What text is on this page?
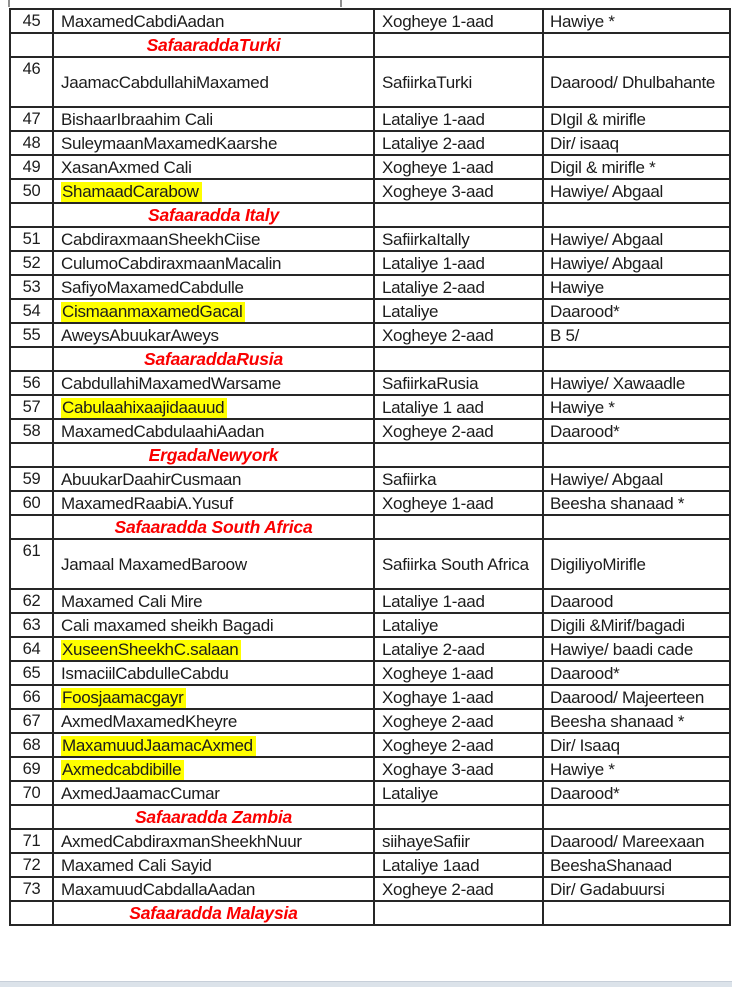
45	MaxamedCabdiAadan	Xogheye 1-aad	Hawiye *
	SafaaraddaTurki		
46	JaamacCabdullahiMaxamed	SafiirkaTurki	Daarood/ Dhulbahante
47	BishaarIbraahim Cali	Lataliye 1-aad	DIgil & mirifle
48	SuleymaanMaxamedKaarshe	Lataliye 2-aad	Dir/ isaaq
49	XasanAxmed Cali	Xogheye 1-aad	Digil & mirifle *
50	ShamaadCarabow	Xogheye 3-aad	Hawiye/ Abgaal
	Safaaradda Italy		
51	CabdiraxmaanSheekhCiise	SafiirkaItally	Hawiye/ Abgaal
52	CulumoCabdiraxmaanMacalin	Lataliye 1-aad	Hawiye/ Abgaal
53	SafiyoMaxamedCabdulle	Lataliye 2-aad	Hawiye
54	CismaanmaxamedGacal	Lataliye	Daarood*
55	AweysAbuukarAweys	Xogheye 2-aad	B 5/
	SafaaraddaRusia		
56	CabdullahiMaxamedWarsame	SafiirkaRusia	Hawiye/ Xawaadle
57	Cabulaahixaajidaauud	Lataliye 1 aad	Hawiye *
58	MaxamedCabdulaahiAadan	Xogheye 2-aad	Daarood*
	ErgadaNewyork		
59	AbuukarDaahirCusmaan	Safiirka	Hawiye/ Abgaal
60	MaxamedRaabiA.Yusuf	Xogheye 1-aad	Beesha shanaad *
	Safaaradda South Africa		
61	Jamaal MaxamedBaroow	Safiirka South Africa	DigiliyoMirifle
62	Maxamed Cali Mire	Lataliye 1-aad	Daarood
63	Cali maxamed sheikh Bagadi	Lataliye	Digili &Mirif/bagadi
64	XuseenSheekhC.salaan	Lataliye 2-aad	Hawiye/ baadi cade
65	IsmaciilCabdulleCabdu	Xogheye 1-aad	Daarood*
66	Foosjaamacgayr	Xoghaye 1-aad	Daarood/ Majeerteen
67	AxmedMaxamedKheyre	Xogheye 2-aad	Beesha shanaad *
68	MaxamuudJaamacAxmed	Xogheye 2-aad	Dir/ Isaaq
69	Axmedcabdibille	Xoghaye 3-aad	Hawiye *
70	AxmedJaamacCumar	Lataliye	Daarood*
	Safaaradda Zambia		
71	AxmedCabdiraxmanSheekhNuur	siihayeSafiir	Daarood/ Mareexaan
72	Maxamed Cali Sayid	Lataliye 1aad	BeeshaShanaad
73	MaxamuudCabdallaAadan	Xogheye 2-aad	Dir/ Gadabuursi
	Safaaradda Malaysia		
